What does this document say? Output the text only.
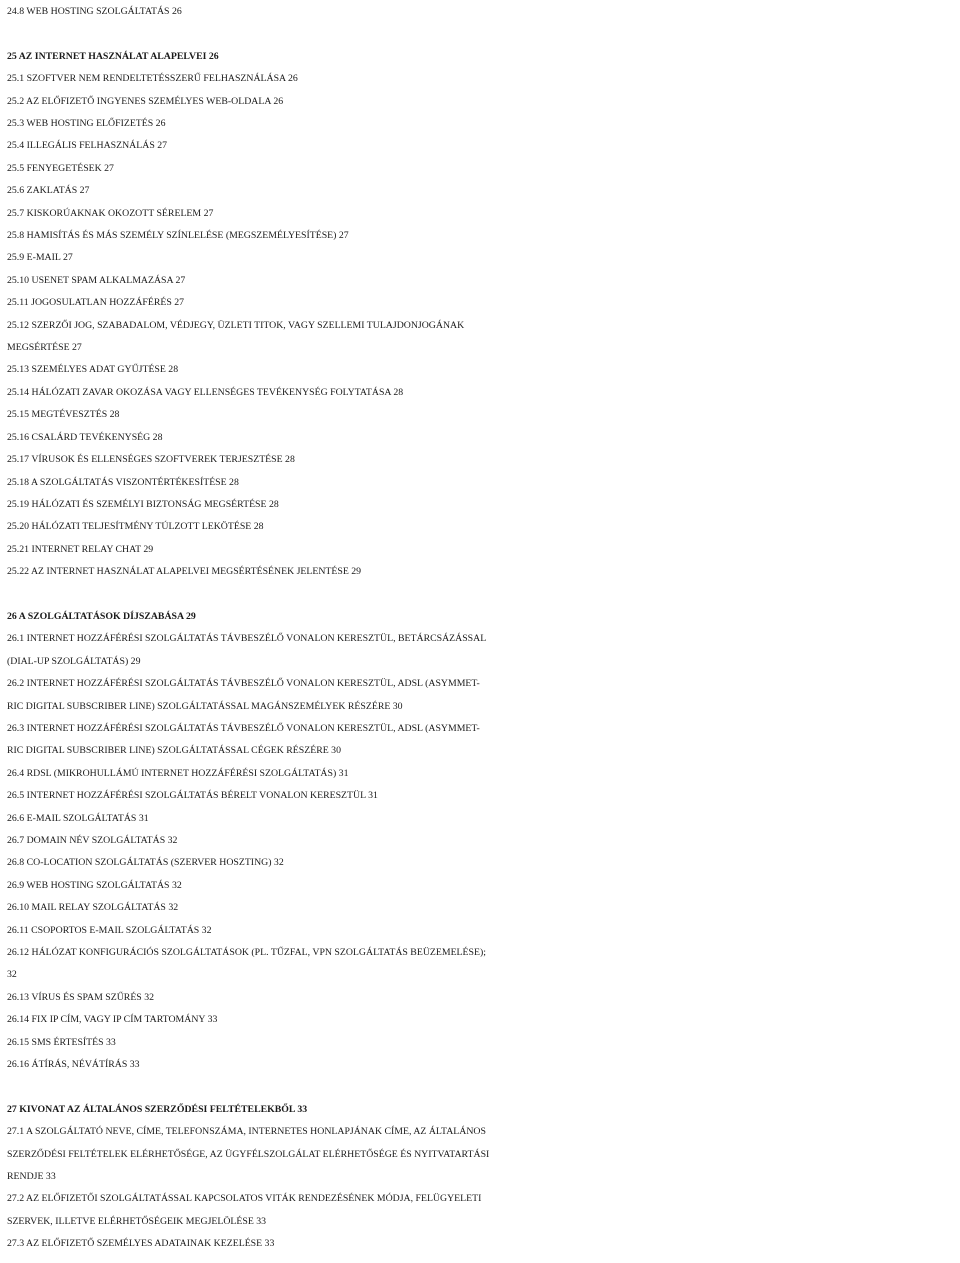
24.8 WEB HOSTING SZOLGÁLTATÁS 26
25 AZ INTERNET HASZNÁLAT ALAPELVEI 26
25.1 SZOFTVER NEM RENDELTETÉSSZERŰ FELHASZNÁLÁSA 26
25.2 AZ ELŐFIZETŐ INGYENES SZEMÉLYES WEB-OLDALA 26
25.3 WEB HOSTING ELŐFIZETÉS 26
25.4 ILLEGÁLIS FELHASZNÁLÁS 27
25.5 FENYEGETÉSEK 27
25.6 ZAKLATÁS 27
25.7 KISKORÚAKNAK OKOZOTT SÉRELEM 27
25.8 HAMISÍTÁS ÉS MÁS SZEMÉLY SZÍNLELÉSE (MEGSZEMÉLYESÍTÉSE) 27
25.9 E-MAIL 27
25.10 USENET SPAM ALKALMAZÁSA 27
25.11 JOGOSULATLAN HOZZÁFÉRÉS 27
25.12 SZERZŐI JOG, SZABADALOM, VÉDJEGY, ÜZLETI TITOK, VAGY SZELLEMI TULAJDONJOGÁNAK
MEGSÉRTÉSE 27
25.13 SZEMÉLYES ADAT GYŰJTÉSE 28
25.14 HÁLÓZATI ZAVAR OKOZÁSA VAGY ELLENSÉGES TEVÉKENYSÉG FOLYTATÁSA 28
25.15 MEGTÉVESZTÉS 28
25.16 CSALÁRD TEVÉKENYSÉG 28
25.17 VÍRUSOK ÉS ELLENSÉGES SZOFTVEREK TERJESZTÉSE 28
25.18 A SZOLGÁLTATÁS VISZONTÉRTÉKESÍTÉSE 28
25.19 HÁLÓZATI ÉS SZEMÉLYI BIZTONSÁG MEGSÉRTÉSE 28
25.20 HÁLÓZATI TELJESÍTMÉNY TÚLZOTT LEKÖTÉSE 28
25.21 INTERNET RELAY CHAT 29
25.22 AZ INTERNET HASZNÁLAT ALAPELVEI MEGSÉRTÉSÉNEK JELENTÉSE 29
26 A SZOLGÁLTATÁSOK DÍJSZABÁSA 29
26.1 INTERNET HOZZÁFÉRÉSI SZOLGÁLTATÁS TÁVBESZÉLŐ VONALON KERESZTÜL, BETÁRCSÁZÁSSAL
(DIAL-UP SZOLGÁLTATÁS) 29
26.2 INTERNET HOZZÁFÉRÉSI SZOLGÁLTATÁS TÁVBESZÉLŐ VONALON KERESZTÜL, ADSL (ASYMMET-
RIC DIGITAL SUBSCRIBER LINE) SZOLGÁLTATÁSSAL MAGÁNSZEMÉLYEK RÉSZÉRE 30
26.3 INTERNET HOZZÁFÉRÉSI SZOLGÁLTATÁS TÁVBESZÉLŐ VONALON KERESZTÜL, ADSL (ASYMMET-
RIC DIGITAL SUBSCRIBER LINE) SZOLGÁLTATÁSSAL CÉGEK RÉSZÉRE 30
26.4 RDSL (MIKROHULLÁMÚ INTERNET HOZZÁFÉRÉSI SZOLGÁLTATÁS) 31
26.5 INTERNET HOZZÁFÉRÉSI SZOLGÁLTATÁS BÉRELT VONALON KERESZTÜL 31
26.6 E-MAIL SZOLGÁLTATÁS 31
26.7 DOMAIN NÉV SZOLGÁLTATÁS 32
26.8 CO-LOCATION SZOLGÁLTATÁS (SZERVER HOSZTING) 32
26.9 WEB HOSTING SZOLGÁLTATÁS 32
26.10 MAIL RELAY SZOLGÁLTATÁS 32
26.11 CSOPORTOS E-MAIL SZOLGÁLTATÁS 32
26.12 HÁLÓZAT KONFIGURÁCIÓS SZOLGÁLTATÁSOK (PL. TŰZFAL, VPN SZOLGÁLTATÁS BEÜZEMELÉSE);
32
26.13 VÍRUS ÉS SPAM SZŰRÉS 32
26.14 FIX IP CÍM, VAGY IP CÍM TARTOMÁNY 33
26.15 SMS ÉRTESÍTÉS 33
26.16 ÁTÍRÁS, NÉVÁTÍRÁS 33
27 KIVONAT AZ ÁLTALÁNOS SZERZŐDÉSI FELTÉTELEKBŐL 33
27.1 A SZOLGÁLTATÓ NEVE, CÍME, TELEFONSZÁMA, INTERNETES HONLAPJÁNAK CÍME, AZ ÁLTALÁNOS
SZERZŐDÉSI FELTÉTELEK ELÉRHETŐSÉGE, AZ ÜGYFÉLSZOLGÁLAT ELÉRHETŐSÉGE ÉS NYITVATARTÁSI
RENDJE 33
27.2 AZ ELŐFIZETŐI SZOLGÁLTATÁSSAL KAPCSOLATOS VITÁK RENDEZÉSÉNEK MÓDJA, FELÜGYELETI
SZERVEK, ILLETVE ELÉRHETŐSÉGEIK MEGJELÖLÉSE 33
27.3 AZ ELŐFIZETŐ SZEMÉLYES ADATAINAK KEZELÉSE 33
